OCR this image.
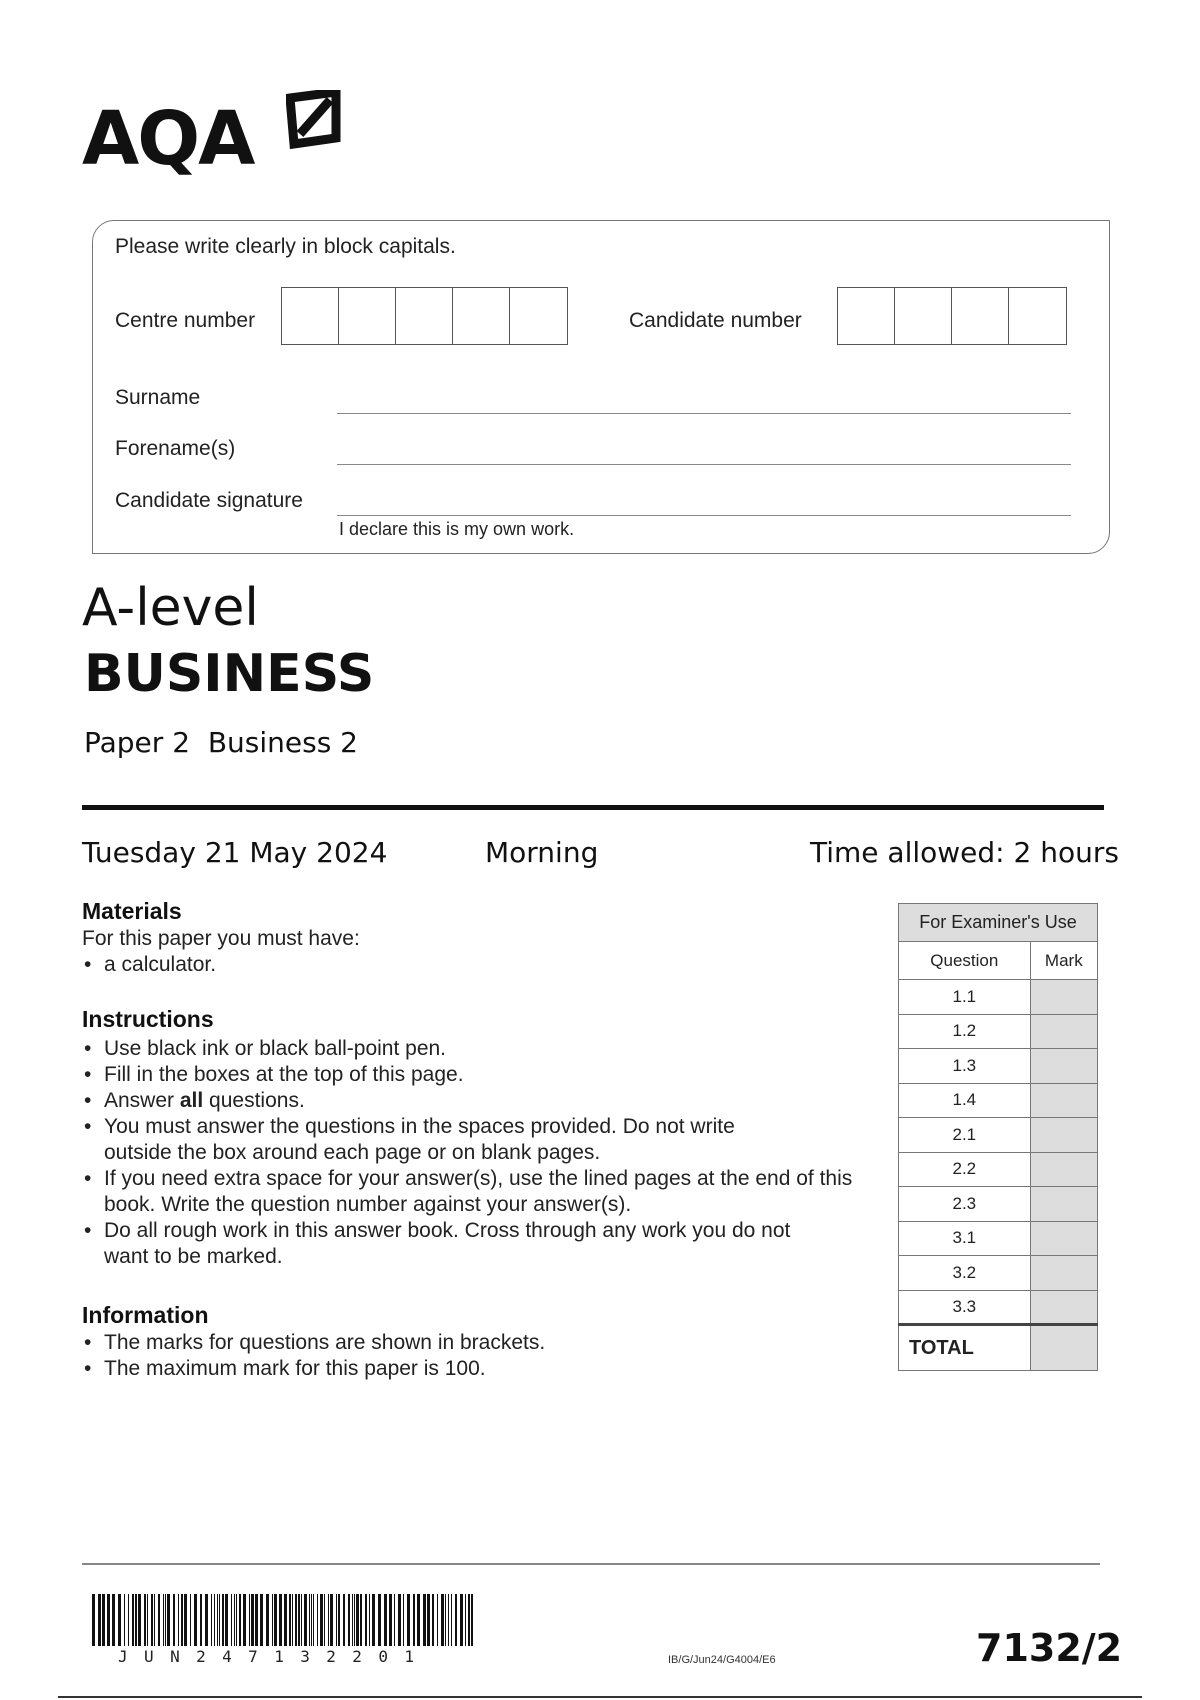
AQA
Please write clearly in block capitals.
Centre number	Candidate number
Surname
Forename(s)
Candidate signature
I declare this is my own work.
A-level
BUSINESS
Paper 2  Business 2
Tuesday 21 May 2024	Morning	Time allowed: 2 hours
Materials
For this paper you must have:
• a calculator.
Instructions
• Use black ink or black ball-point pen.
• Fill in the boxes at the top of this page.
• Answer all questions.
• You must answer the questions in the spaces provided. Do not write outside the box around each page or on blank pages.
• If you need extra space for your answer(s), use the lined pages at the end of this book. Write the question number against your answer(s).
• Do all rough work in this answer book. Cross through any work you do not want to be marked.
Information
• The marks for questions are shown in brackets.
• The maximum mark for this paper is 100.
For Examiner's Use	
Question	Mark
1.1	
1.2	
1.3	
1.4	
2.1	
2.2	
2.3	
3.1	
3.2	
3.3	
TOTAL	
JUN247132201	IB/G/Jun24/G4004/E6	7132/2
